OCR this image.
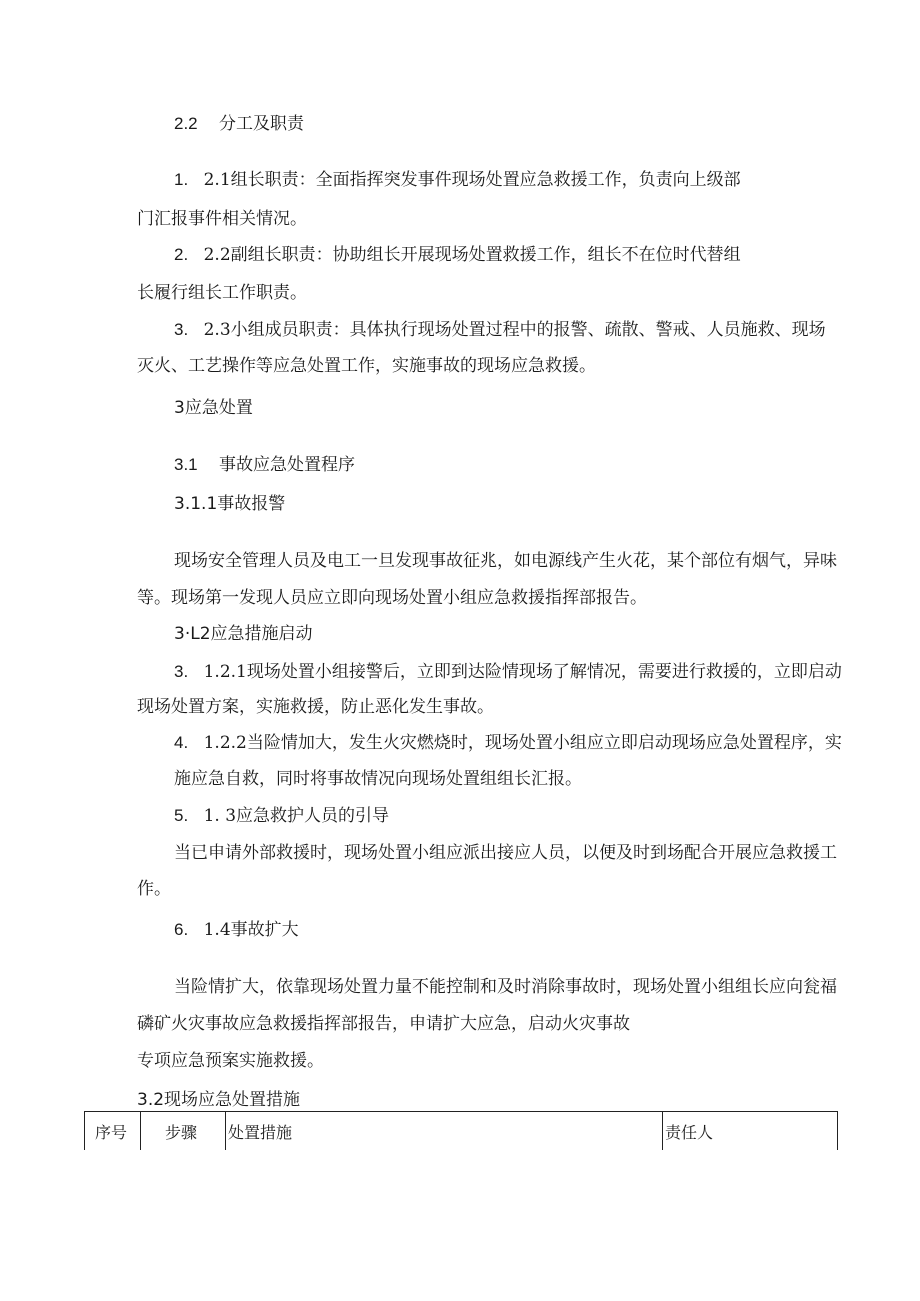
2.2 分工及职责
1. 2.1组长职责：全面指挥突发事件现场处置应急救援工作，负责向上级部
门汇报事件相关情况。
2. 2.2副组长职责：协助组长开展现场处置救援工作，组长不在位时代替组
长履行组长工作职责。
3. 2.3小组成员职责：具体执行现场处置过程中的报警、疏散、警戒、人员施救、现场
灭火、工艺操作等应急处置工作，实施事故的现场应急救援。
3应急处置
3.1 事故应急处置程序
3.1.1事故报警
现场安全管理人员及电工一旦发现事故征兆，如电源线产生火花，某个部位有烟气，异味
等。现场第一发现人员应立即向现场处置小组应急救援指挥部报告。
3·L2应急措施启动
3. 1.2.1现场处置小组接警后，立即到达险情现场了解情况，需要进行救援的，立即启动
现场处置方案，实施救援，防止恶化发生事故。
4. 1.2.2当险情加大，发生火灾燃烧时，现场处置小组应立即启动现场应急处置程序，实
施应急自救，同时将事故情况向现场处置组组长汇报。
5. 1. 3应急救护人员的引导
当已申请外部救援时，现场处置小组应派出接应人员，以便及时到场配合开展应急救援工
作。
6. 1.4事故扩大
当险情扩大，依靠现场处置力量不能控制和及时消除事故时，现场处置小组组长应向瓮福
磷矿火灾事故应急救援指挥部报告，申请扩大应急，启动火灾事故
专项应急预案实施救援。
3.2现场应急处置措施
序号 步骤 处置措施	责任人
